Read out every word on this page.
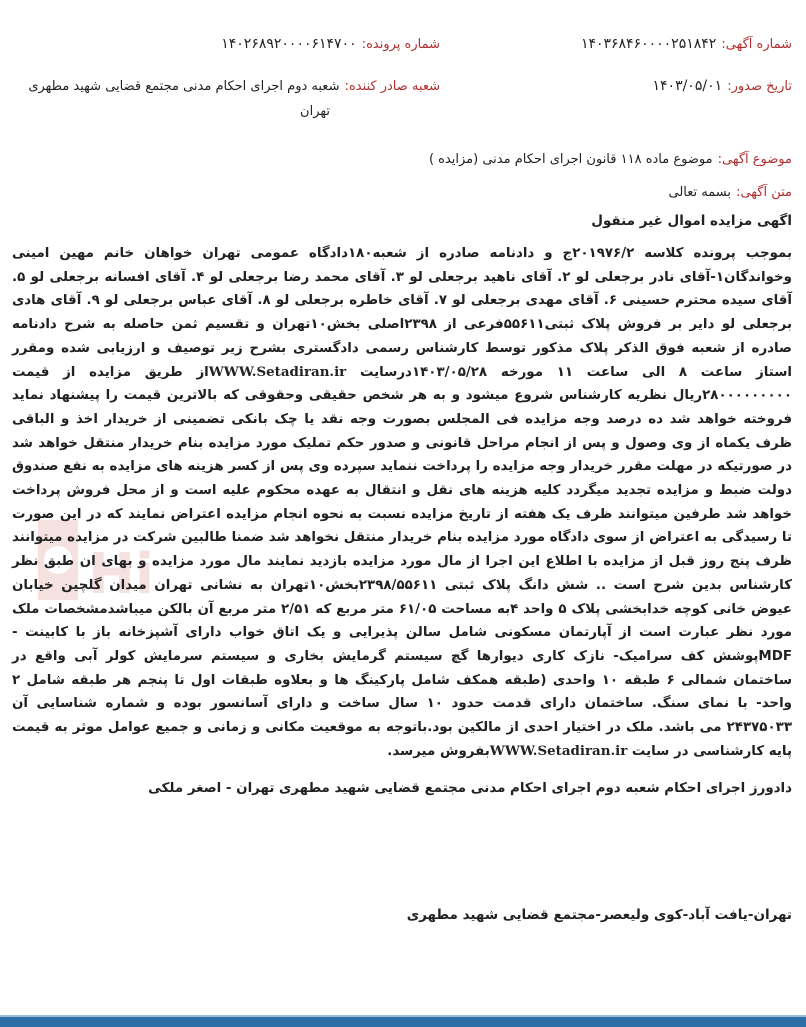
شماره آگهی: ۱۴۰۳۶۸۴۶۰۰۰۰۲۵۱۸۴۲
شماره پرونده: ۱۴۰۲۶۸۹۲۰۰۰۰۶۱۴۷۰۰
تاریخ صدور: ۱۴۰۳/۰۵/۰۱
شعبه صادر کننده: شعبه دوم اجرای احکام مدنی مجتمع قضایی شهید مطهری
تهران
موضوع آگهی: موضوع ماده ۱۱۸ قانون اجرای احکام مدنی (مزایده )
متن آگهی: بسمه تعالی
اگهی مزایده اموال غیر منقول
Hi
بموجب پرونده کلاسه ۲۰۱۹۷۶/۲ج و دادنامه صادره از شعبه۱۸۰دادگاه عمومی تهران خواهان خانم مهین امینی وخواندگان۱-آقای نادر برجعلی لو ۲. آقای ناهید برجعلی لو ۳. آقای محمد رضا برجعلی لو ۴. آقای افسانه برجعلی لو ۵. آقای سیده محترم حسینی ۶. آقای مهدی برجعلی لو ۷. آقای خاطره برجعلی لو ۸. آقای عباس برجعلی لو ۹. آقای هادی برجعلی لو دایر بر فروش پلاک ثبتی۵۵۶۱۱فرعی از ۲۳۹۸اصلی بخش۱۰تهران و تقسیم ثمن حاصله به شرح دادنامه صادره از شعبه فوق الذکر پلاک مذکور توسط کارشناس رسمی دادگستری بشرح زیر توصیف و ارزیابی شده ومقرر استاز ساعت ۸ الی ساعت ۱۱ مورخه ۱۴۰۳/۰۵/۲۸درسایت WWW.Setadiran.irاز طریق مزایده از قیمت ۲۸۰۰۰۰۰۰۰۰۰ریال نظریه کارشناس شروع میشود و به هر شخص حقیقی وحقوقی که بالاترین قیمت را پیشنهاد نماید فروخته خواهد شد ده درصد وجه مزایده فی المجلس بصورت وجه نقد یا چک بانکی تضمینی از خریدار اخذ و الباقی ظرف یکماه از وی وصول و پس از انجام مراحل قانونی و صدور حکم تملیک مورد مزایده بنام خریدار منتقل خواهد شد در صورتیکه در مهلت مقرر خریدار وجه مزایده را پرداخت ننماید سپرده وی پس از کسر هزینه های مزایده به نفع صندوق دولت ضبط و مزایده تجدید میگردد کلیه هزینه های نقل و انتقال به عهده محکوم علیه است و از محل فروش پرداخت خواهد شد طرفین میتوانند ظرف یک هفته از تاریخ مزایده نسبت به نحوه انجام مزایده اعتراض نمایند که در این صورت تا رسیدگی به اعتراض از سوی دادگاه مورد مزایده بنام خریدار منتقل نخواهد شد ضمنا طالبین شرکت در مزایده میتوانند ظرف پنج روز قبل از مزایده با اطلاع این اجرا از مال مورد مزایده بازدید نمایند مال مورد مزایده و بهای ان طبق نظر کارشناس بدین شرح است .. شش دانگ پلاک ثبتی ۲۳۹۸/۵۵۶۱۱بخش۱۰تهران به نشانی تهران میدان گلچین خیابان عیوض خانی کوچه خدابخشی پلاک ۵ واحد ۴به مساحت ۶۱/۰۵ متر مربع که ۲/۵۱ متر مربع آن بالکن میباشدمشخصات ملک مورد نظر عبارت است از آپارتمان مسکونی شامل سالن پذیرایی و یک اتاق خواب دارای آشپزخانه باز با کابینت -MDFپوشش کف سرامیک- نازک کاری دیوارها گچ سیستم گرمایش بخاری و سیستم سرمایش کولر آبی واقع در ساختمان شمالی ۶ طبقه ۱۰ واحدی (طبقه همکف شامل پارکینگ ها و بعلاوه طبقات اول تا پنجم هر طبقه شامل ۲ واحد- با نمای سنگ. ساختمان دارای قدمت حدود ۱۰ سال ساخت و دارای آسانسور بوده و شماره شناسایی آن ۲۴۳۷۵۰۳۳ می باشد. ملک در اختیار احدی از مالکین بود.باتوجه به موقعیت مکانی و زمانی و جمیع عوامل موثر به قیمت پایه کارشناسی در سایت WWW.Setadiran.irبفروش میرسد.
دادورز اجرای احکام شعبه دوم اجرای احکام مدنی مجتمع قضایی شهید مطهری تهران - اصغر ملکی
تهران-یافت آباد-کوی ولیعصر-مجتمع قضایی شهید مطهری
